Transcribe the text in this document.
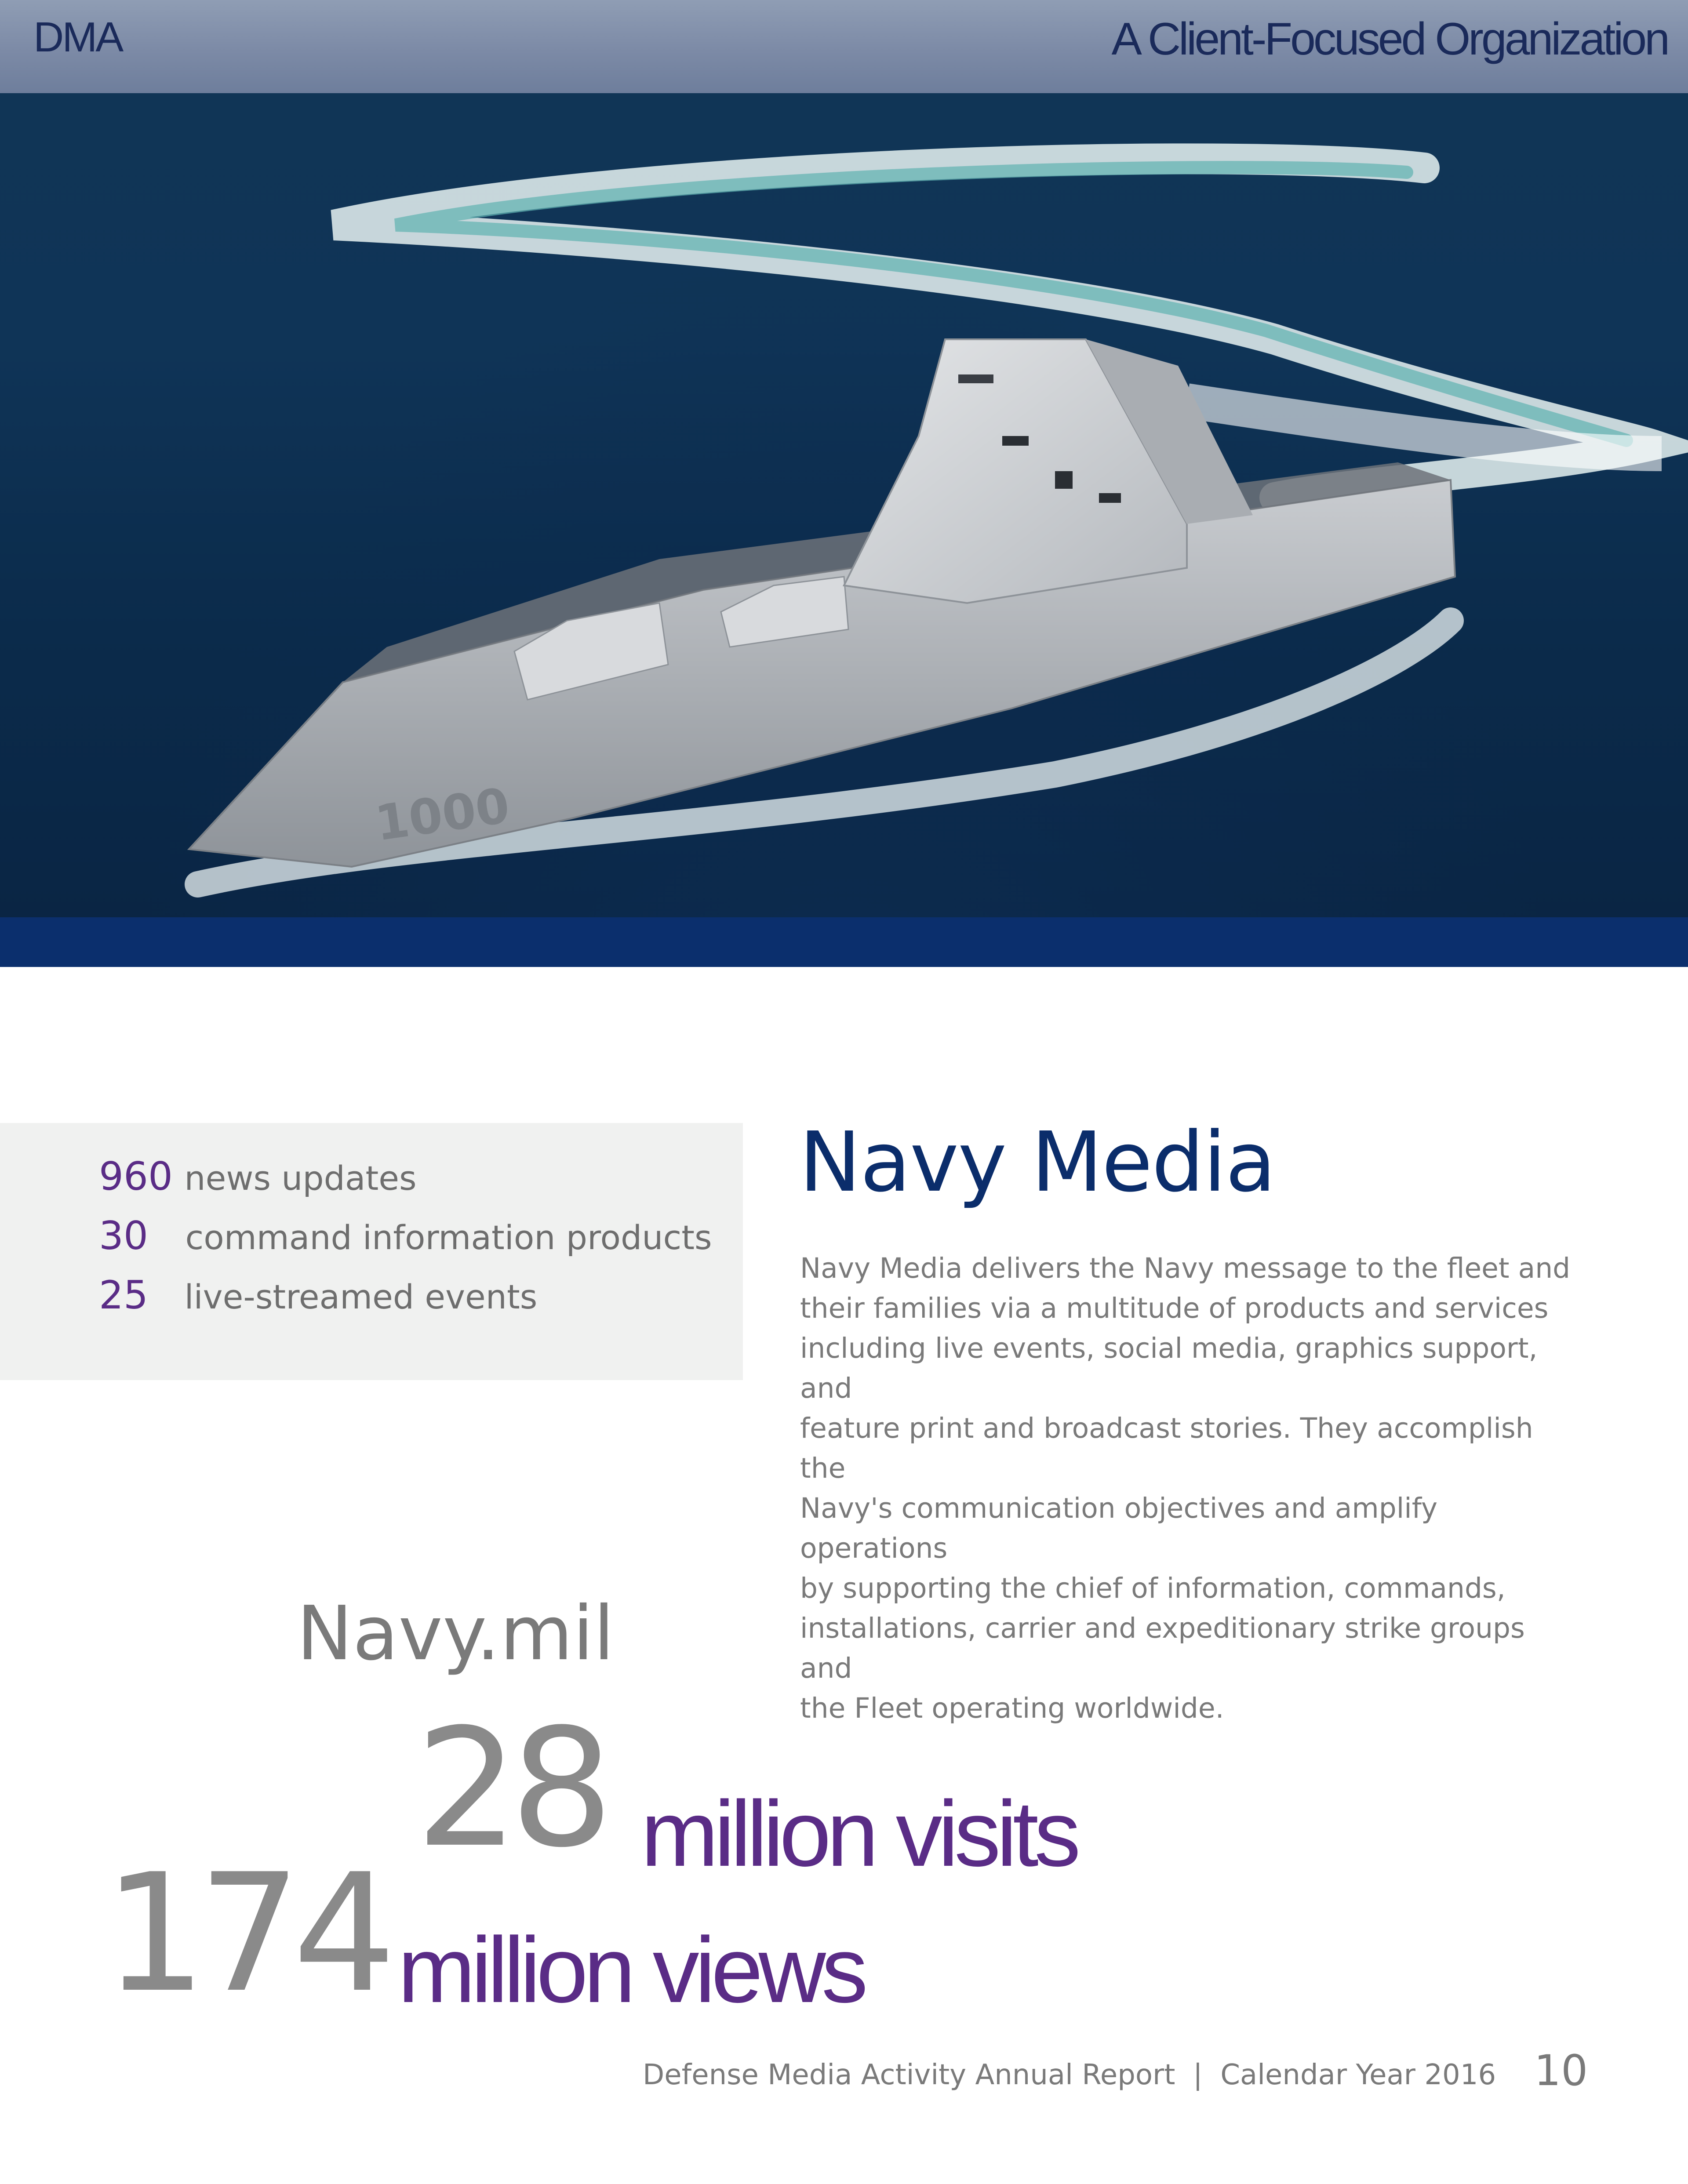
DMA	A Client-Focused Organization
1000
960 news updates
30 command information products
25 live-streamed events
Navy Media
Navy Media delivers the Navy message to the fleet and
their families via a multitude of products and services
including live events, social media, graphics support, and
feature print and broadcast stories. They accomplish the
Navy's communication objectives and amplify operations
by supporting the chief of information, commands,
installations, carrier and expeditionary strike groups and
the Fleet operating worldwide.
Navy.mil
28 million visits
174 million views
Defense Media Activity Annual Report  |  Calendar Year 2016 10
